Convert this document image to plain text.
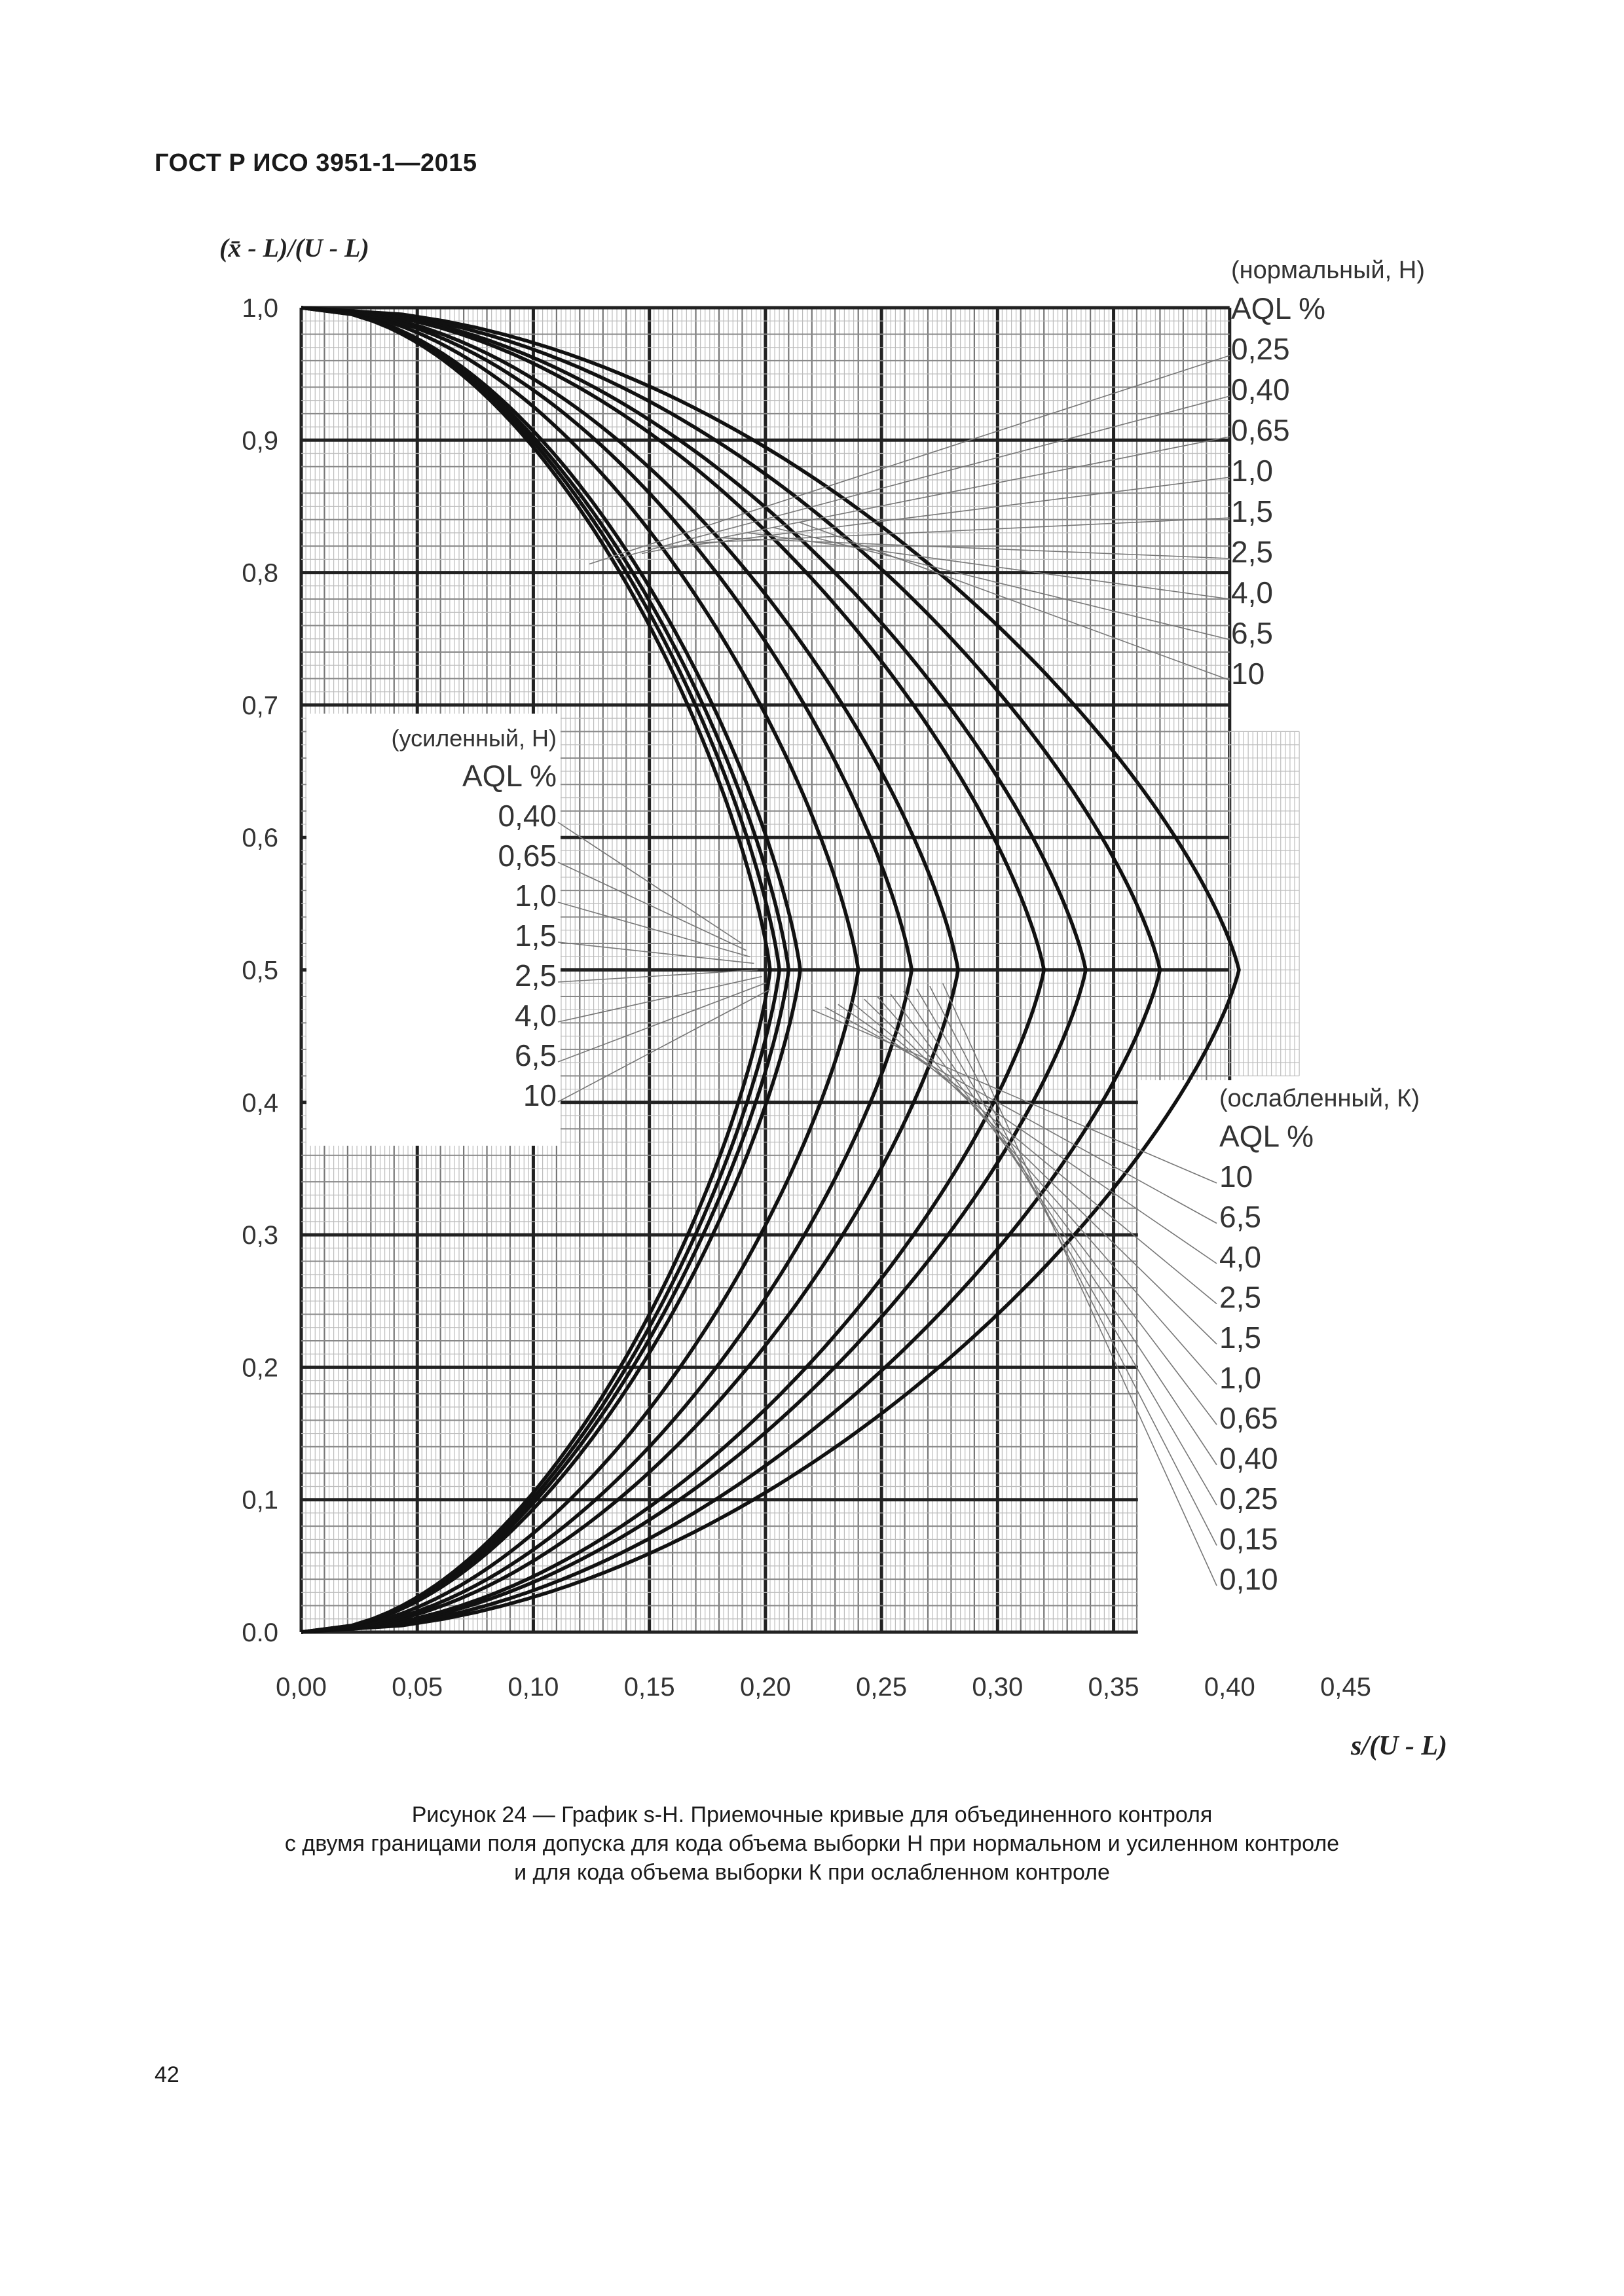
ГОСТ Р ИСО 3951-1—2015
0,00 0,05 0,10 0,15 0,20 0,25 0,30 0,35 0,40 0,45
0.0
0,1
0,2
0,3
0,4
0,5
0,6
0,7
0,8
0,9
1,0
(x̄ - L)/(U - L)
s/(U - L)
(нормальный, Н)
AQL %
0,25
0,40
0,65
1,0
1,5
2,5
4,0
6,5
10
(усиленный, Н)
AQL %
0,40
0,65
1,0
1,5
2,5
4,0
6,5
10	(ослабленный, К)
AQL %
10
6,5
4,0
2,5
1,5
1,0
0,65
0,40
0,25
0,15
0,10
Рисунок 24 — График s-H. Приемочные кривые для объединенного контроля
с двумя границами поля допуска для кода объема выборки Н при нормальном и усиленном контроле
и для кода объема выборки К при ослабленном контроле
42
